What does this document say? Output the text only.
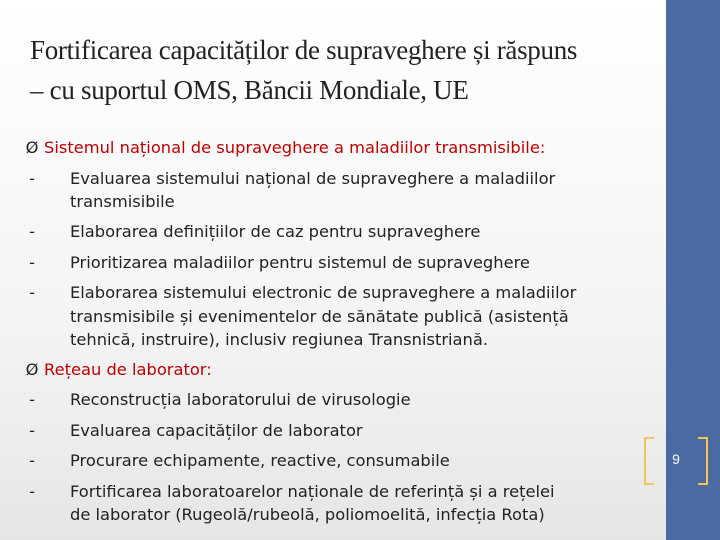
Fortificarea capacităților de supraveghere și răspuns
– cu suportul OMS, Băncii Mondiale, UE
Ø Sistemul național de supraveghere a maladiilor transmisibile:
-	Evaluarea sistemului național de supraveghere a maladiilor
transmisibile
-	Elaborarea definițiilor de caz pentru supraveghere
-	Prioritizarea maladiilor pentru sistemul de supraveghere
-	Elaborarea sistemului electronic de supraveghere a maladiilor
transmisibile și evenimentelor de sănătate publică (asistență
tehnică, instruire), inclusiv regiunea Transnistriană.
Ø Rețeau de laborator:
-	Reconstrucția laboratorului de virusologie
-	Evaluarea capacităților de laborator
-	Procurare echipamente, reactive, consumabile
-	Fortificarea laboratoarelor naționale de referință și a rețelei
de laborator (Rugeolă/rubeolă, poliomoelită, infecția Rota)
9
